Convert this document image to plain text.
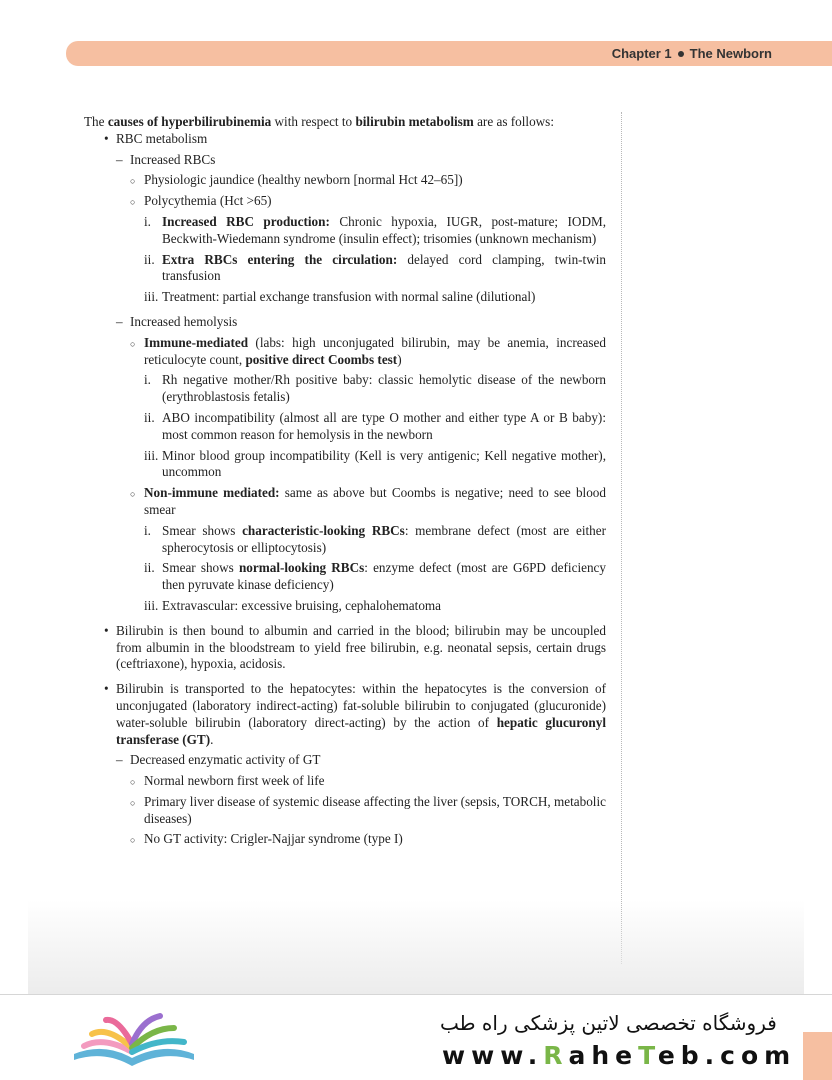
Chapter 1 The Newborn

The causes of hyperbilirubinemia with respect to bilirubin metabolism are as follows:

• RBC metabolism
– Increased RBCs
○ Physiologic jaundice (healthy newborn [normal Hct 42–65])
○ Polycythemia (Hct >65)
i. Increased RBC production: Chronic hypoxia, IUGR, post-mature; IODM, Beckwith-Wiedemann syndrome (insulin effect); trisomies (unknown mechanism)
ii. Extra RBCs entering the circulation: delayed cord clamping, twin-twin transfusion
iii. Treatment: partial exchange transfusion with normal saline (dilutional)
– Increased hemolysis
○ Immune-mediated (labs: high unconjugated bilirubin, may be anemia, increased reticulocyte count, positive direct Coombs test)
i. Rh negative mother/Rh positive baby: classic hemolytic disease of the newborn (erythroblastosis fetalis)
ii. ABO incompatibility (almost all are type O mother and either type A or B baby): most common reason for hemolysis in the newborn
iii. Minor blood group incompatibility (Kell is very antigenic; Kell negative mother), uncommon
○ Non-immune mediated: same as above but Coombs is negative; need to see blood smear
i. Smear shows characteristic-looking RBCs: membrane defect (most are either spherocytosis or elliptocytosis)
ii. Smear shows normal-looking RBCs: enzyme defect (most are G6PD deficiency then pyruvate kinase deficiency)
iii. Extravascular: excessive bruising, cephalohematoma
• Bilirubin is then bound to albumin and carried in the blood; bilirubin may be uncoupled from albumin in the bloodstream to yield free bilirubin, e.g. neonatal sepsis, certain drugs (ceftriaxone), hypoxia, acidosis.
• Bilirubin is transported to the hepatocytes: within the hepatocytes is the conversion of unconjugated (laboratory indirect-acting) fat-soluble bilirubin to conjugated (glucuronide) water-soluble bilirubin (laboratory direct-acting) by the action of hepatic glucuronyl transferase (GT).
– Decreased enzymatic activity of GT
○ Normal newborn first week of life
○ Primary liver disease of systemic disease affecting the liver (sepsis, TORCH, metabolic diseases)
○ No GT activity: Crigler-Najjar syndrome (type I)
فروشگاه تخصصی لاتین پزشکی راه طب
www.RaheTeb.com
